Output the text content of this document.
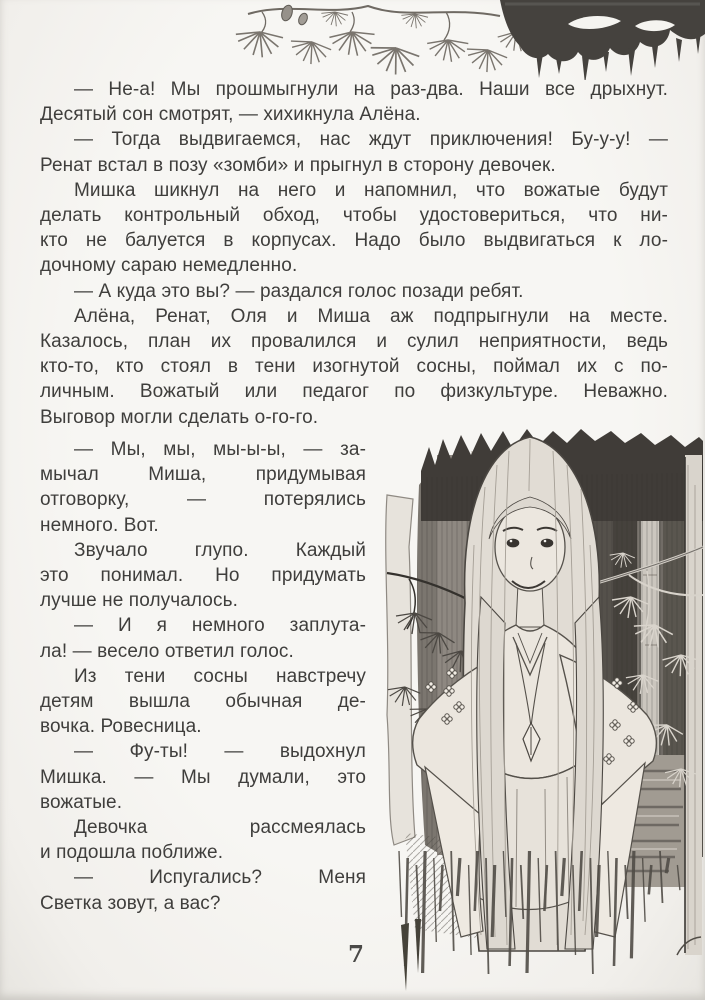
— Не-а! Мы прошмыгнули на раз-два. Наши все дрыхнут.
Десятый сон смотрят, — хихикнула Алёна.
— Тогда выдвигаемся, нас ждут приключения! Бу-у-у! —
Ренат встал в позу «зомби» и прыгнул в сторону девочек.
Мишка шикнул на него и напомнил, что вожатые будут
делать контрольный обход, чтобы удостовериться, что ни-
кто не балуется в корпусах. Надо было выдвигаться к ло-
дочному сараю немедленно.
— А куда это вы? — раздался голос позади ребят.
Алёна, Ренат, Оля и Миша аж подпрыгнули на месте.
Казалось, план их провалился и сулил неприятности, ведь
кто-то, кто стоял в тени изогнутой сосны, поймал их с по-
личным. Вожатый или педагог по физкультуре. Неважно.
Выговор могли сделать о-го-го.
— Мы, мы, мы-ы-ы, — за-
мычал Миша, придумывая
отговорку, — потерялись
немного. Вот.
Звучало глупо. Каждый
это понимал. Но придумать
лучше не получалось.
— И я немного заплута-
ла! — весело ответил голос.
Из тени сосны навстречу
детям вышла обычная де-
вочка. Ровесница.
— Фу-ты! — выдохнул
Мишка. — Мы думали, это
вожатые.
Девочка рассмеялась
и подошла поближе.
— Испугались? Меня
Светка зовут, а вас?
7
